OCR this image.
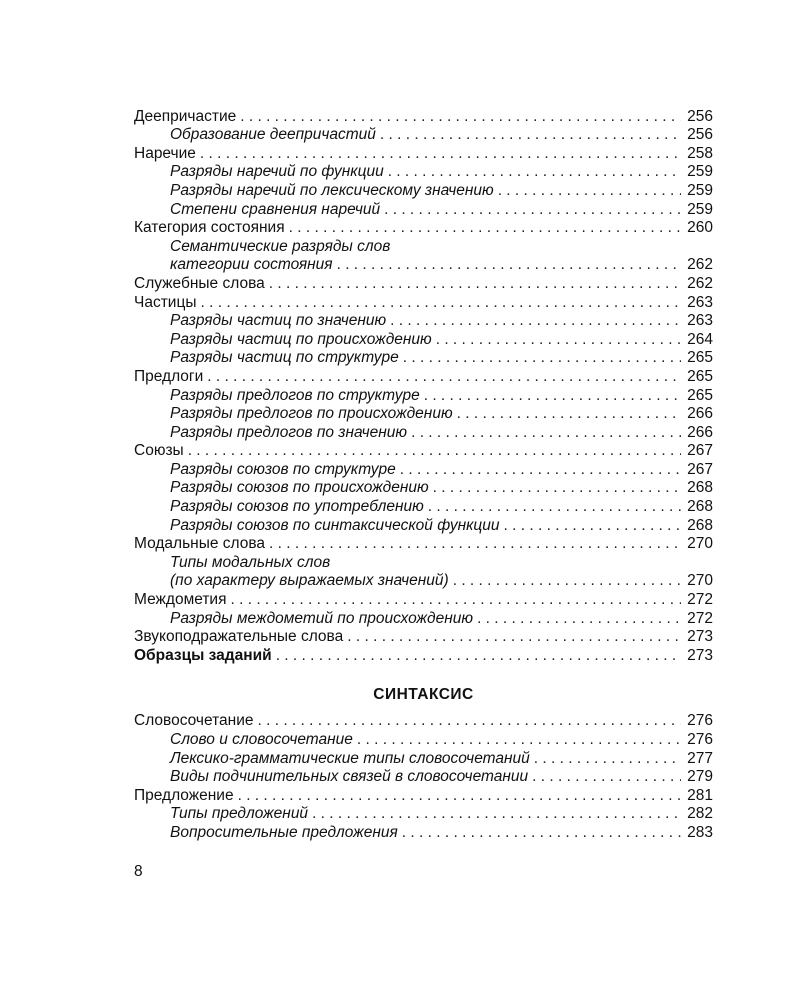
Деепричастие . . .	256
Образование деепричастий . . .	256
Наречие . . .	258
Разряды наречий по функции . . .	259
Разряды наречий по лексическому значению . . .	259
Степени сравнения наречий . . .	259
Категория состояния . . .	260
Семантические разряды слов
категории состояния . . .	262
Служебные слова . . .	262
Частицы . . .	263
Разряды частиц по значению . . .	263
Разряды частиц по происхождению . . .	264
Разряды частиц по структуре . . .	265
Предлоги . . .	265
Разряды предлогов по структуре . . .	265
Разряды предлогов по происхождению . . .	266
Разряды предлогов по значению . . .	266
Союзы . . .	267
Разряды союзов по структуре . . .	267
Разряды союзов по происхождению . . .	268
Разряды союзов по употреблению . . .	268
Разряды союзов по синтаксической функции . . .	268
Модальные слова . . .	270
Типы модальных слов
(по характеру выражаемых значений) . . .	270
Междометия . . .	272
Разряды междометий по происхождению . . .	272
Звукоподражательные слова . . .	273
Образцы заданий . . .	273
СИНТАКСИС
Словосочетание . . .	276
Слово и словосочетание . . .	276
Лексико-грамматические типы словосочетаний . . .	277
Виды подчинительных связей в словосочетании . . .	279
Предложение . . .	281
Типы предложений . . .	282
Вопросительные предложения . . .	283
8
